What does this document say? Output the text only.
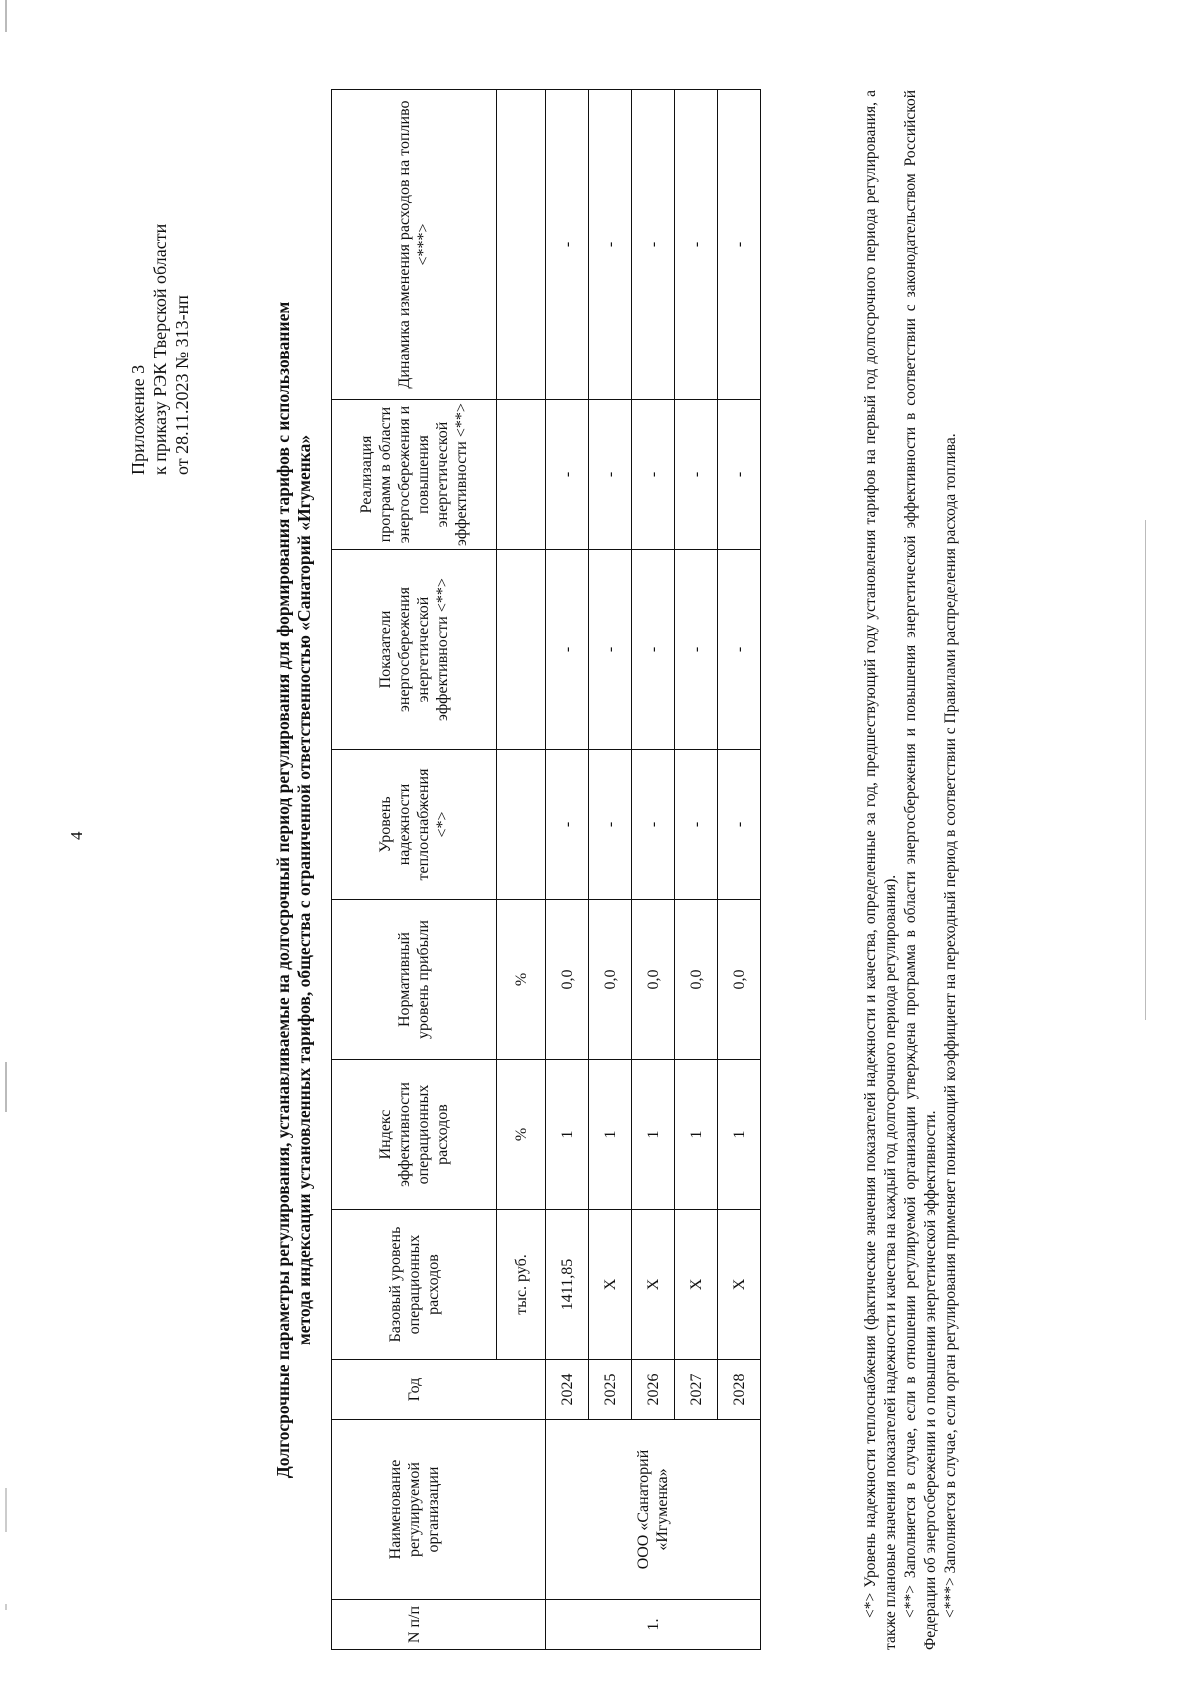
4
Приложение 3 к приказу РЭК Тверской области от 28.11.2023 № 313-нп	Долгосрочные параметры регулирования, устанавливаемые на долгосрочный период регулирования для формирования тарифов с использованием метода индексации установленных тарифов, общества с ограниченной ответственностью «Санаторий «Игуменка»
N п/п	Наименование регулируемой организации	Год	Базовый уровень операционных расходов	Индекс эффективности операционных расходов	Нормативный уровень прибыли	Уровень надежности теплоснабжения <*>	Показатели энергосбережения энергетической эффективности <**>	Реализация программ в области энергосбережения и повышения энергетической эффективности <**>	Динамика изменения расходов на топливо <***>
			тыс. руб.	%	%				
1.	ООО «Санаторий «Игуменка»	2024	1411,85	1	0,0	-	-	-	-
		2025	Х	1	0,0	-	-	-	-
		2026	Х	1	0,0	-	-	-	-
		2027	Х	1	0,0	-	-	-	-
		2028	Х	1	0,0	-	-	-	-	<*> Уровень надежности теплоснабжения (фактические значения показателей надежности и качества, определенные за год, предшествующий году установления тарифов на первый год долгосрочного периода регулирования, а также плановые значения показателей надежности и качества на каждый год долгосрочного периода регулирования). <**> Заполняется в случае, если в отношении регулируемой организации утверждена программа в области энергосбережения и повышения энергетической эффективности в соответствии с законодательством Российской Федерации об энергосбережении и о повышении энергетической эффективности. <***> Заполняется в случае, если орган регулирования применяет понижающий коэффициент на переходный период в соответствии с Правилами распределения расхода топлива.
